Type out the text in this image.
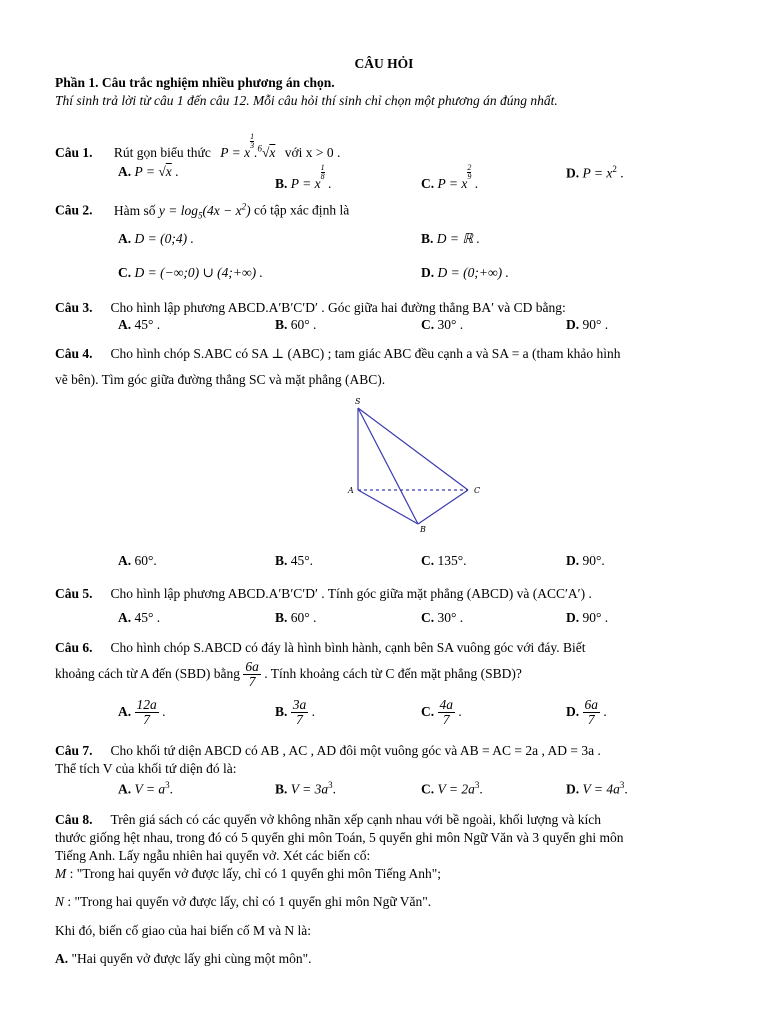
CÂU HỎI
Phần 1. Câu trắc nghiệm nhiều phương án chọn.
Thí sinh trả lời từ câu 1 đến câu 12. Mỗi câu hỏi thí sinh chỉ chọn một phương án đúng nhất.
Câu 1. Rút gọn biểu thức P = x
$\frac{1}{3}$
.$^6$√x với x > 0 .
A. P = √x .
B. P = x
$\frac{1}{8}$
.	C. P = x
$\frac{2}{9}$
.
D. $P = x^2$ .
Câu 2. Hàm số $y = \log_5(4x - x^2)$ có tập xác định là
A. D = (0;4) .	B. D = ℝ .
C. D = (−∞;0) ∪ (4;+∞) .	D. D = (0;+∞) .
Câu 3. Cho hình lập phương ABCD.A′B′C′D′ . Góc giữa hai đường thẳng BA′ và CD bằng:
A. 45° .	B. 60° .	C. 30° .	D. 90° .
Câu 4. Cho hình chóp S.ABC có SA ⊥ (ABC) ; tam giác ABC đều cạnh a và SA = a (tham khảo hình
vẽ bên). Tìm góc giữa đường thẳng SC và mặt phẳng (ABC).
S
A	C
B
A. 60°.	B. 45°.	C. 135°.	D. 90°.
Câu 5. Cho hình lập phương ABCD.A′B′C′D′ . Tính góc giữa mặt phẳng (ABCD) và (ACC′A′) .
A. 45° .	B. 60° .	C. 30° .	D. 90° .
Câu 6. Cho hình chóp S.ABCD có đáy là hình bình hành, cạnh bên SA vuông góc với đáy. Biết
khoảng cách từ A đến (SBD) bằng $\frac{6a}{7}$ . Tính khoảng cách từ C đến mặt phẳng (SBD)?
A. $\frac{12a}{7}$ .	B. $\frac{3a}{7}$ .	C. $\frac{4a}{7}$ .	D. $\frac{6a}{7}$ .
Câu 7. Cho khối tứ diện ABCD có AB , AC , AD đôi một vuông góc và AB = AC = 2a , AD = 3a .
Thể tích V của khối tứ diện đó là:
A. $V = a^3$.	B. $V = 3a^3$.	C. $V = 2a^3$.	D. $V = 4a^3$.
Câu 8. Trên giá sách có các quyển vở không nhãn xếp cạnh nhau với bề ngoài, khối lượng và kích
thước giống hệt nhau, trong đó có 5 quyển ghi môn Toán, 5 quyển ghi môn Ngữ Văn và 3 quyển ghi môn
Tiếng Anh. Lấy ngẫu nhiên hai quyển vở. Xét các biến cố:
M : "Trong hai quyển vở được lấy, chỉ có 1 quyển ghi môn Tiếng Anh";
N : "Trong hai quyển vở được lấy, chỉ có 1 quyển ghi môn Ngữ Văn".
Khi đó, biến cố giao của hai biến cố M và N là:
A. "Hai quyển vở được lấy ghi cùng một môn".
